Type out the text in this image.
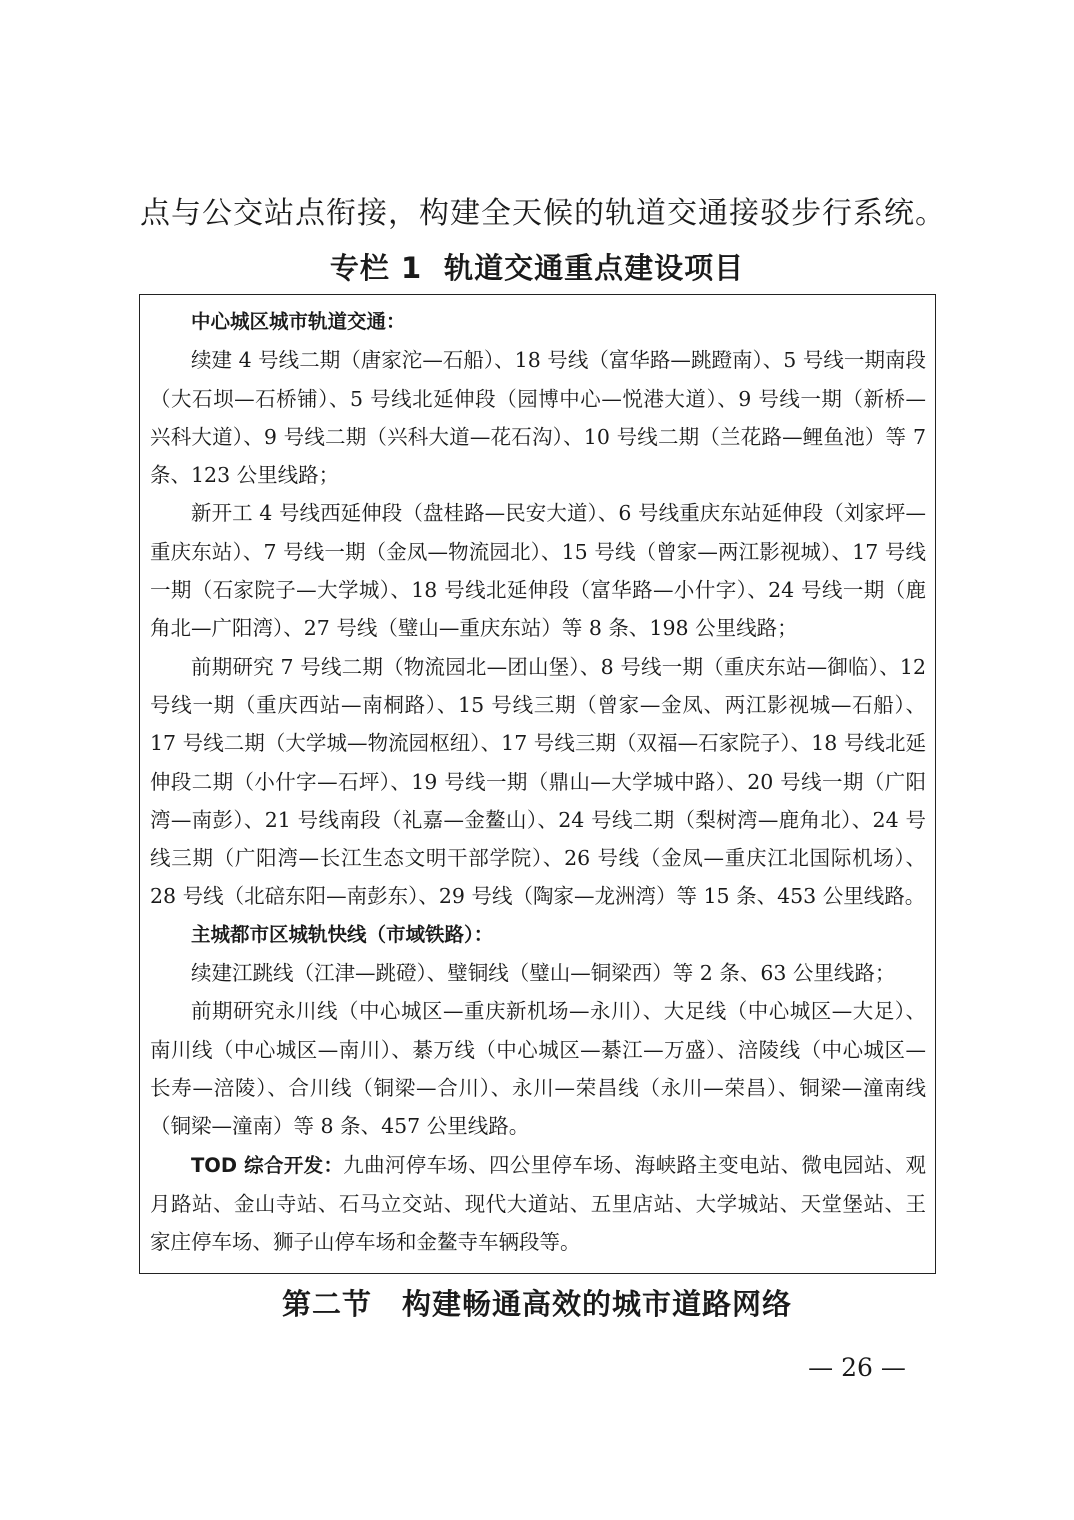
点与公交站点衔接，构建全天候的轨道交通接驳步行系统。
专栏 1 轨道交通重点建设项目

中心城区城市轨道交通：

续建 4 号线二期（唐家沱—石船）、18 号线（富华路—跳蹬南）、5 号线一期南段（大石坝—石桥铺）、5 号线北延伸段（园博中心—悦港大道）、9 号线一期（新桥—兴科大道）、9 号线二期（兴科大道—花石沟）、10 号线二期（兰花路—鲤鱼池）等 7 条、123 公里线路；

新开工 4 号线西延伸段（盘桂路—民安大道）、6 号线重庆东站延伸段（刘家坪—重庆东站）、7 号线一期（金凤—物流园北）、15 号线（曾家—两江影视城）、17 号线一期（石家院子—大学城）、18 号线北延伸段（富华路—小什字）、24 号线一期（鹿角北—广阳湾）、27 号线（璧山—重庆东站）等 8 条、198 公里线路；

前期研究 7 号线二期（物流园北—团山堡）、8 号线一期（重庆东站—御临）、12 号线一期（重庆西站—南桐路）、15 号线三期（曾家—金凤、两江影视城—石船）、17 号线二期（大学城—物流园枢纽）、17 号线三期（双福—石家院子）、18 号线北延伸段二期（小什字—石坪）、19 号线一期（鼎山—大学城中路）、20 号线一期（广阳湾—南彭）、21 号线南段（礼嘉—金鳌山）、24 号线二期（梨树湾—鹿角北）、24 号线三期（广阳湾—长江生态文明干部学院）、26 号线（金凤—重庆江北国际机场）、28 号线（北碚东阳—南彭东）、29 号线（陶家—龙洲湾）等 15 条、453 公里线路。

主城都市区城轨快线（市域铁路）：

续建江跳线（江津—跳磴）、璧铜线（璧山—铜梁西）等 2 条、63 公里线路；

前期研究永川线（中心城区—重庆新机场—永川）、大足线（中心城区—大足）、南川线（中心城区—南川）、綦万线（中心城区—綦江—万盛）、涪陵线（中心城区—长寿—涪陵）、合川线（铜梁—合川）、永川—荣昌线（永川—荣昌）、铜梁—潼南线（铜梁—潼南）等 8 条、457 公里线路。

TOD 综合开发：九曲河停车场、四公里停车场、海峡路主变电站、微电园站、观月路站、金山寺站、石马立交站、现代大道站、五里店站、大学城站、天堂堡站、王家庄停车场、狮子山停车场和金鳌寺车辆段等。

第二节 构建畅通高效的城市道路网络
— 26 —
